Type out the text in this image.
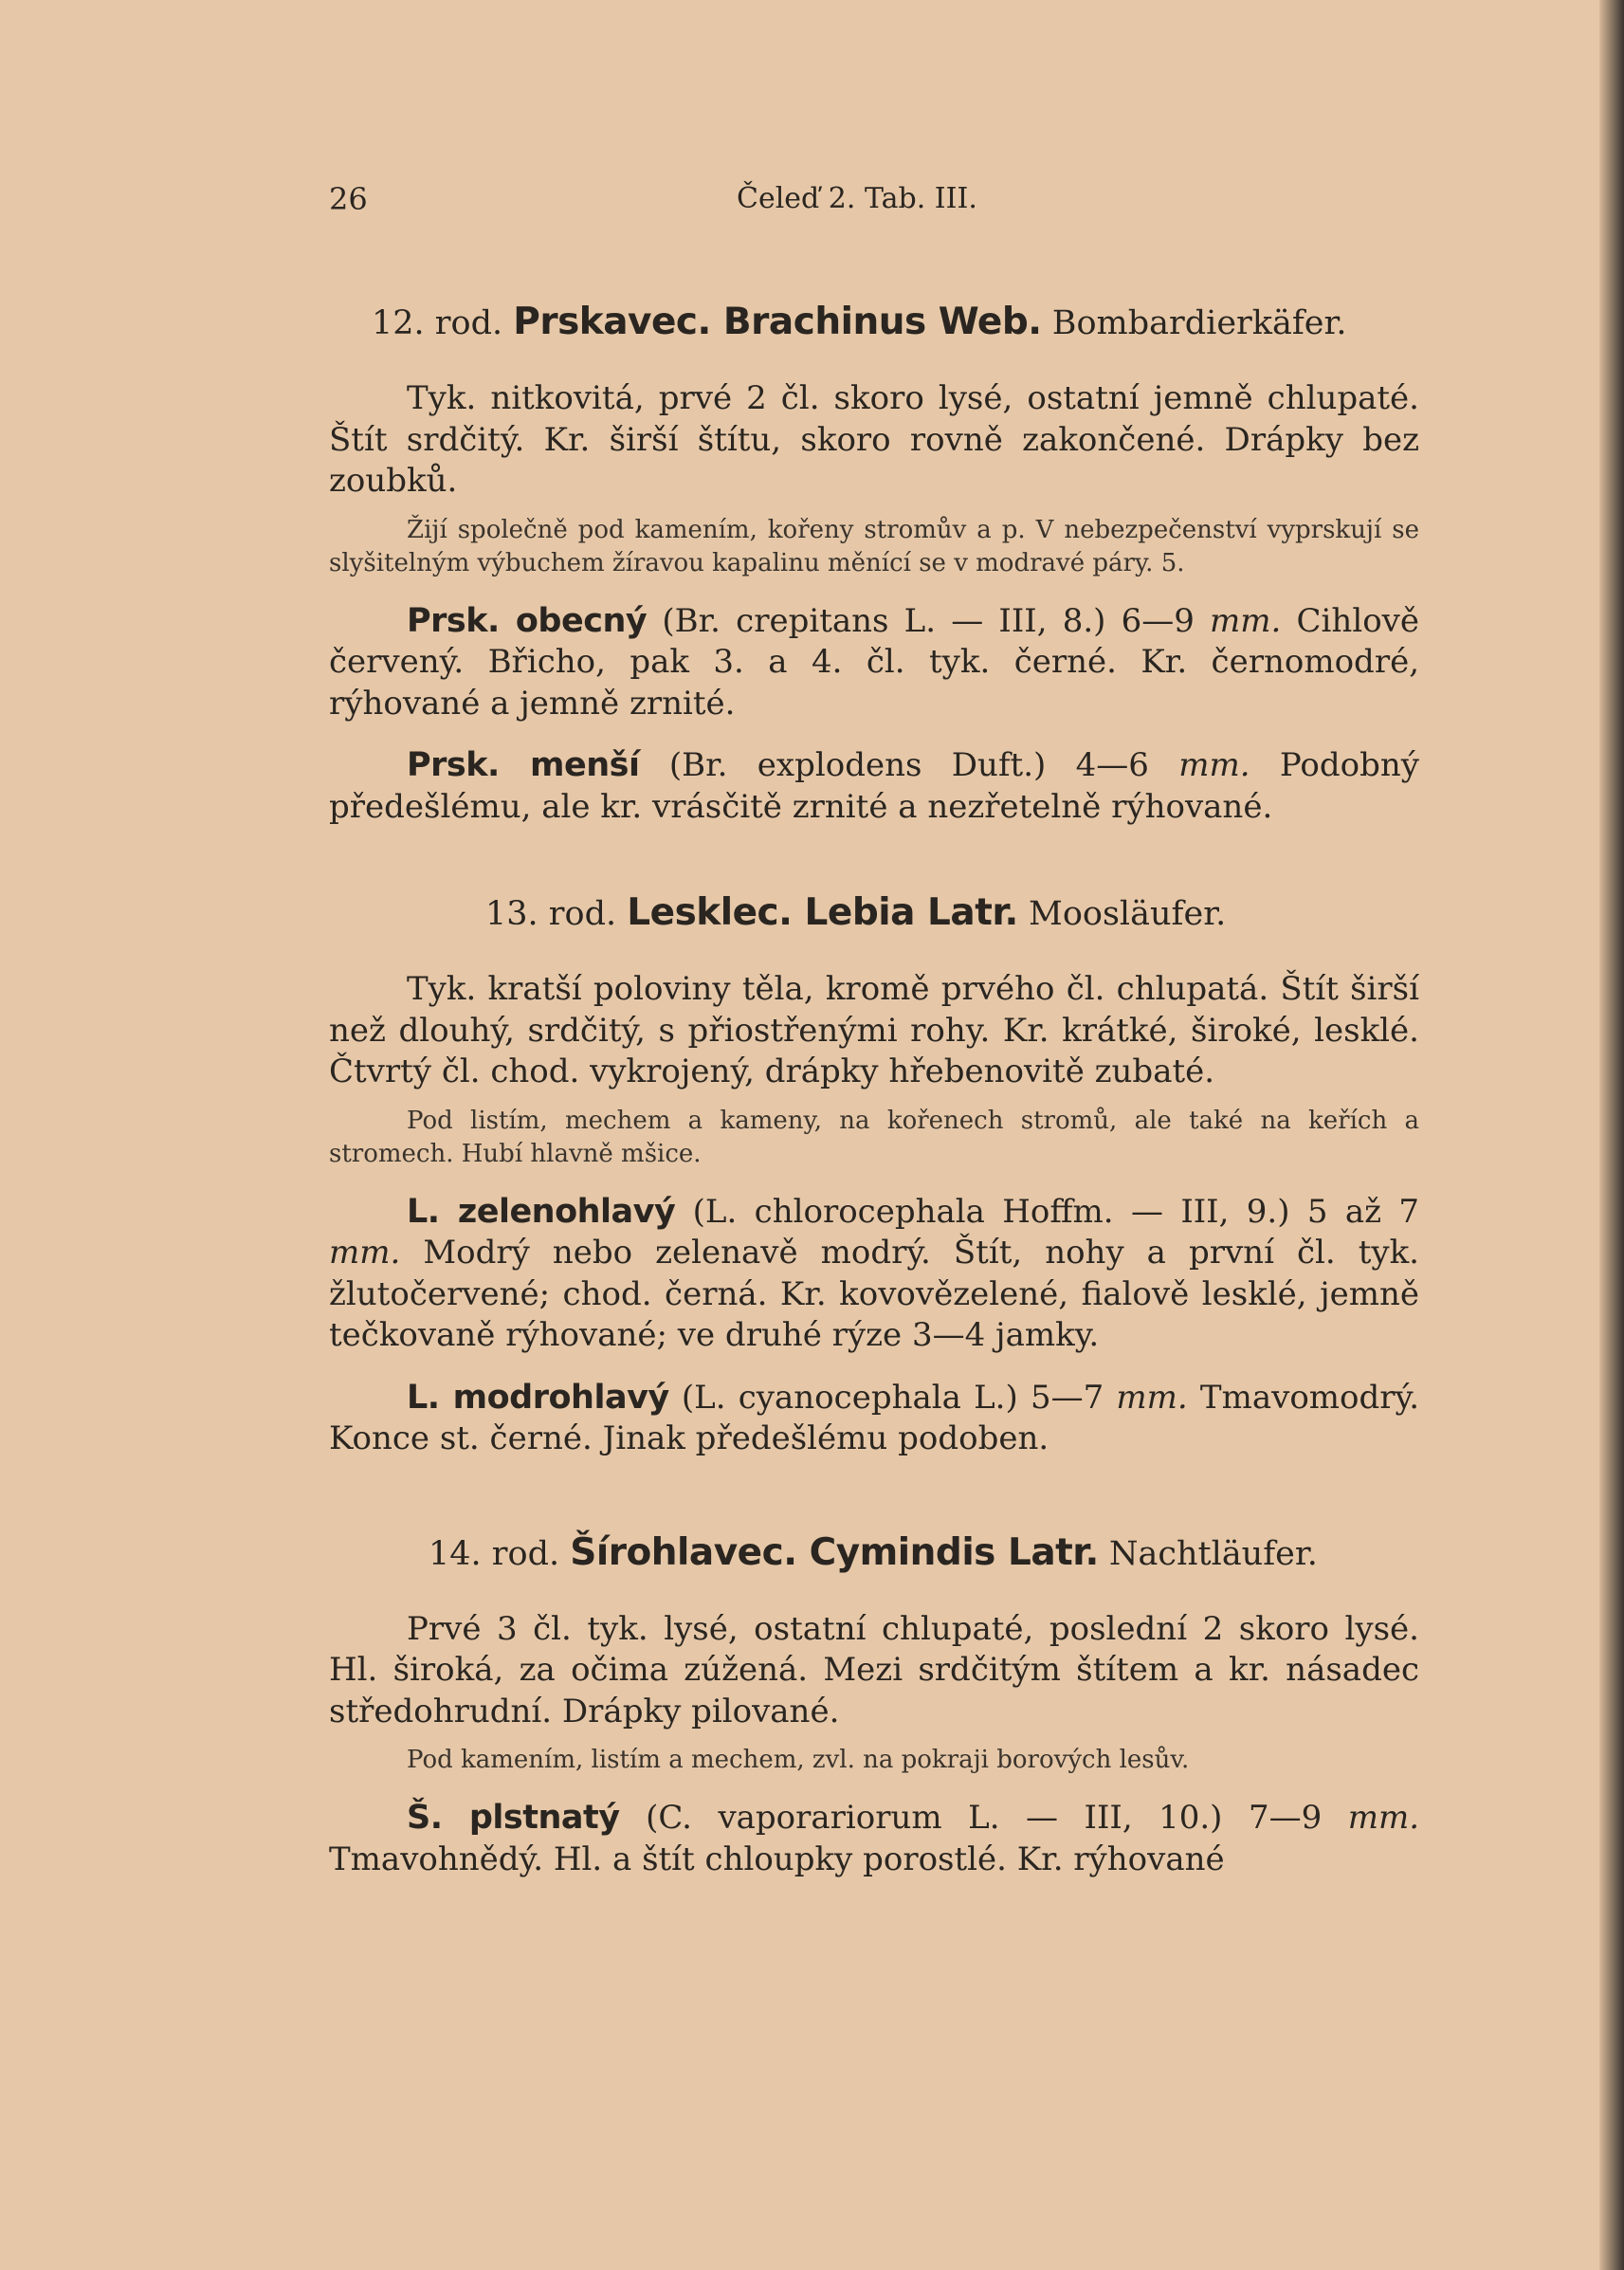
26	Čeleď 2. Tab. III.
12. rod. Prskavec. Brachinus Web. Bombardierkäfer.

Tyk. nitkovitá, prvé 2 čl. skoro lysé, ostatní jemně chlupaté. Štít srdčitý. Kr. širší štítu, skoro rovně zakončené. Drápky bez zoubků.

Žijí společně pod kamením, kořeny stromův a p. V nebezpečenství vyprskují se slyšitelným výbuchem žíravou kapalinu měnící se v modravé páry. 5.

Prsk. obecný (Br. crepitans L. — III, 8.) 6—9 mm. Cihlově červený. Břicho, pak 3. a 4. čl. tyk. černé. Kr. černomodré, rýhované a jemně zrnité.

Prsk. menší (Br. explodens Duft.) 4—6 mm. Podobný předešlému, ale kr. vrásčitě zrnité a nezřetelně rýhované.

13. rod. Lesklec. Lebia Latr. Moosläufer.

Tyk. kratší poloviny těla, kromě prvého čl. chlupatá. Štít širší než dlouhý, srdčitý, s přiostřenými rohy. Kr. krátké, široké, lesklé. Čtvrtý čl. chod. vykrojený, drápky hřebenovitě zubaté.

Pod listím, mechem a kameny, na kořenech stromů, ale také na keřích a stromech. Hubí hlavně mšice.

L. zelenohlavý (L. chlorocephala Hoffm. — III, 9.) 5 až 7 mm. Modrý nebo zelenavě modrý. Štít, nohy a první čl. tyk. žlutočervené; chod. černá. Kr. kovovězelené, fialově lesklé, jemně tečkovaně rýhované; ve druhé rýze 3—4 jamky.

L. modrohlavý (L. cyanocephala L.) 5—7 mm. Tmavomodrý. Konce st. černé. Jinak předešlému podoben.

14. rod. Šírohlavec. Cymindis Latr. Nachtläufer.

Prvé 3 čl. tyk. lysé, ostatní chlupaté, poslední 2 skoro lysé. Hl. široká, za očima zúžená. Mezi srdčitým štítem a kr. násadec středohrudní. Drápky pilované.

Pod kamením, listím a mechem, zvl. na pokraji borových lesův.

Š. plstnatý (C. vaporariorum L. — III, 10.) 7—9 mm. Tmavohnědý. Hl. a štít chloupky porostlé. Kr. rýhované
